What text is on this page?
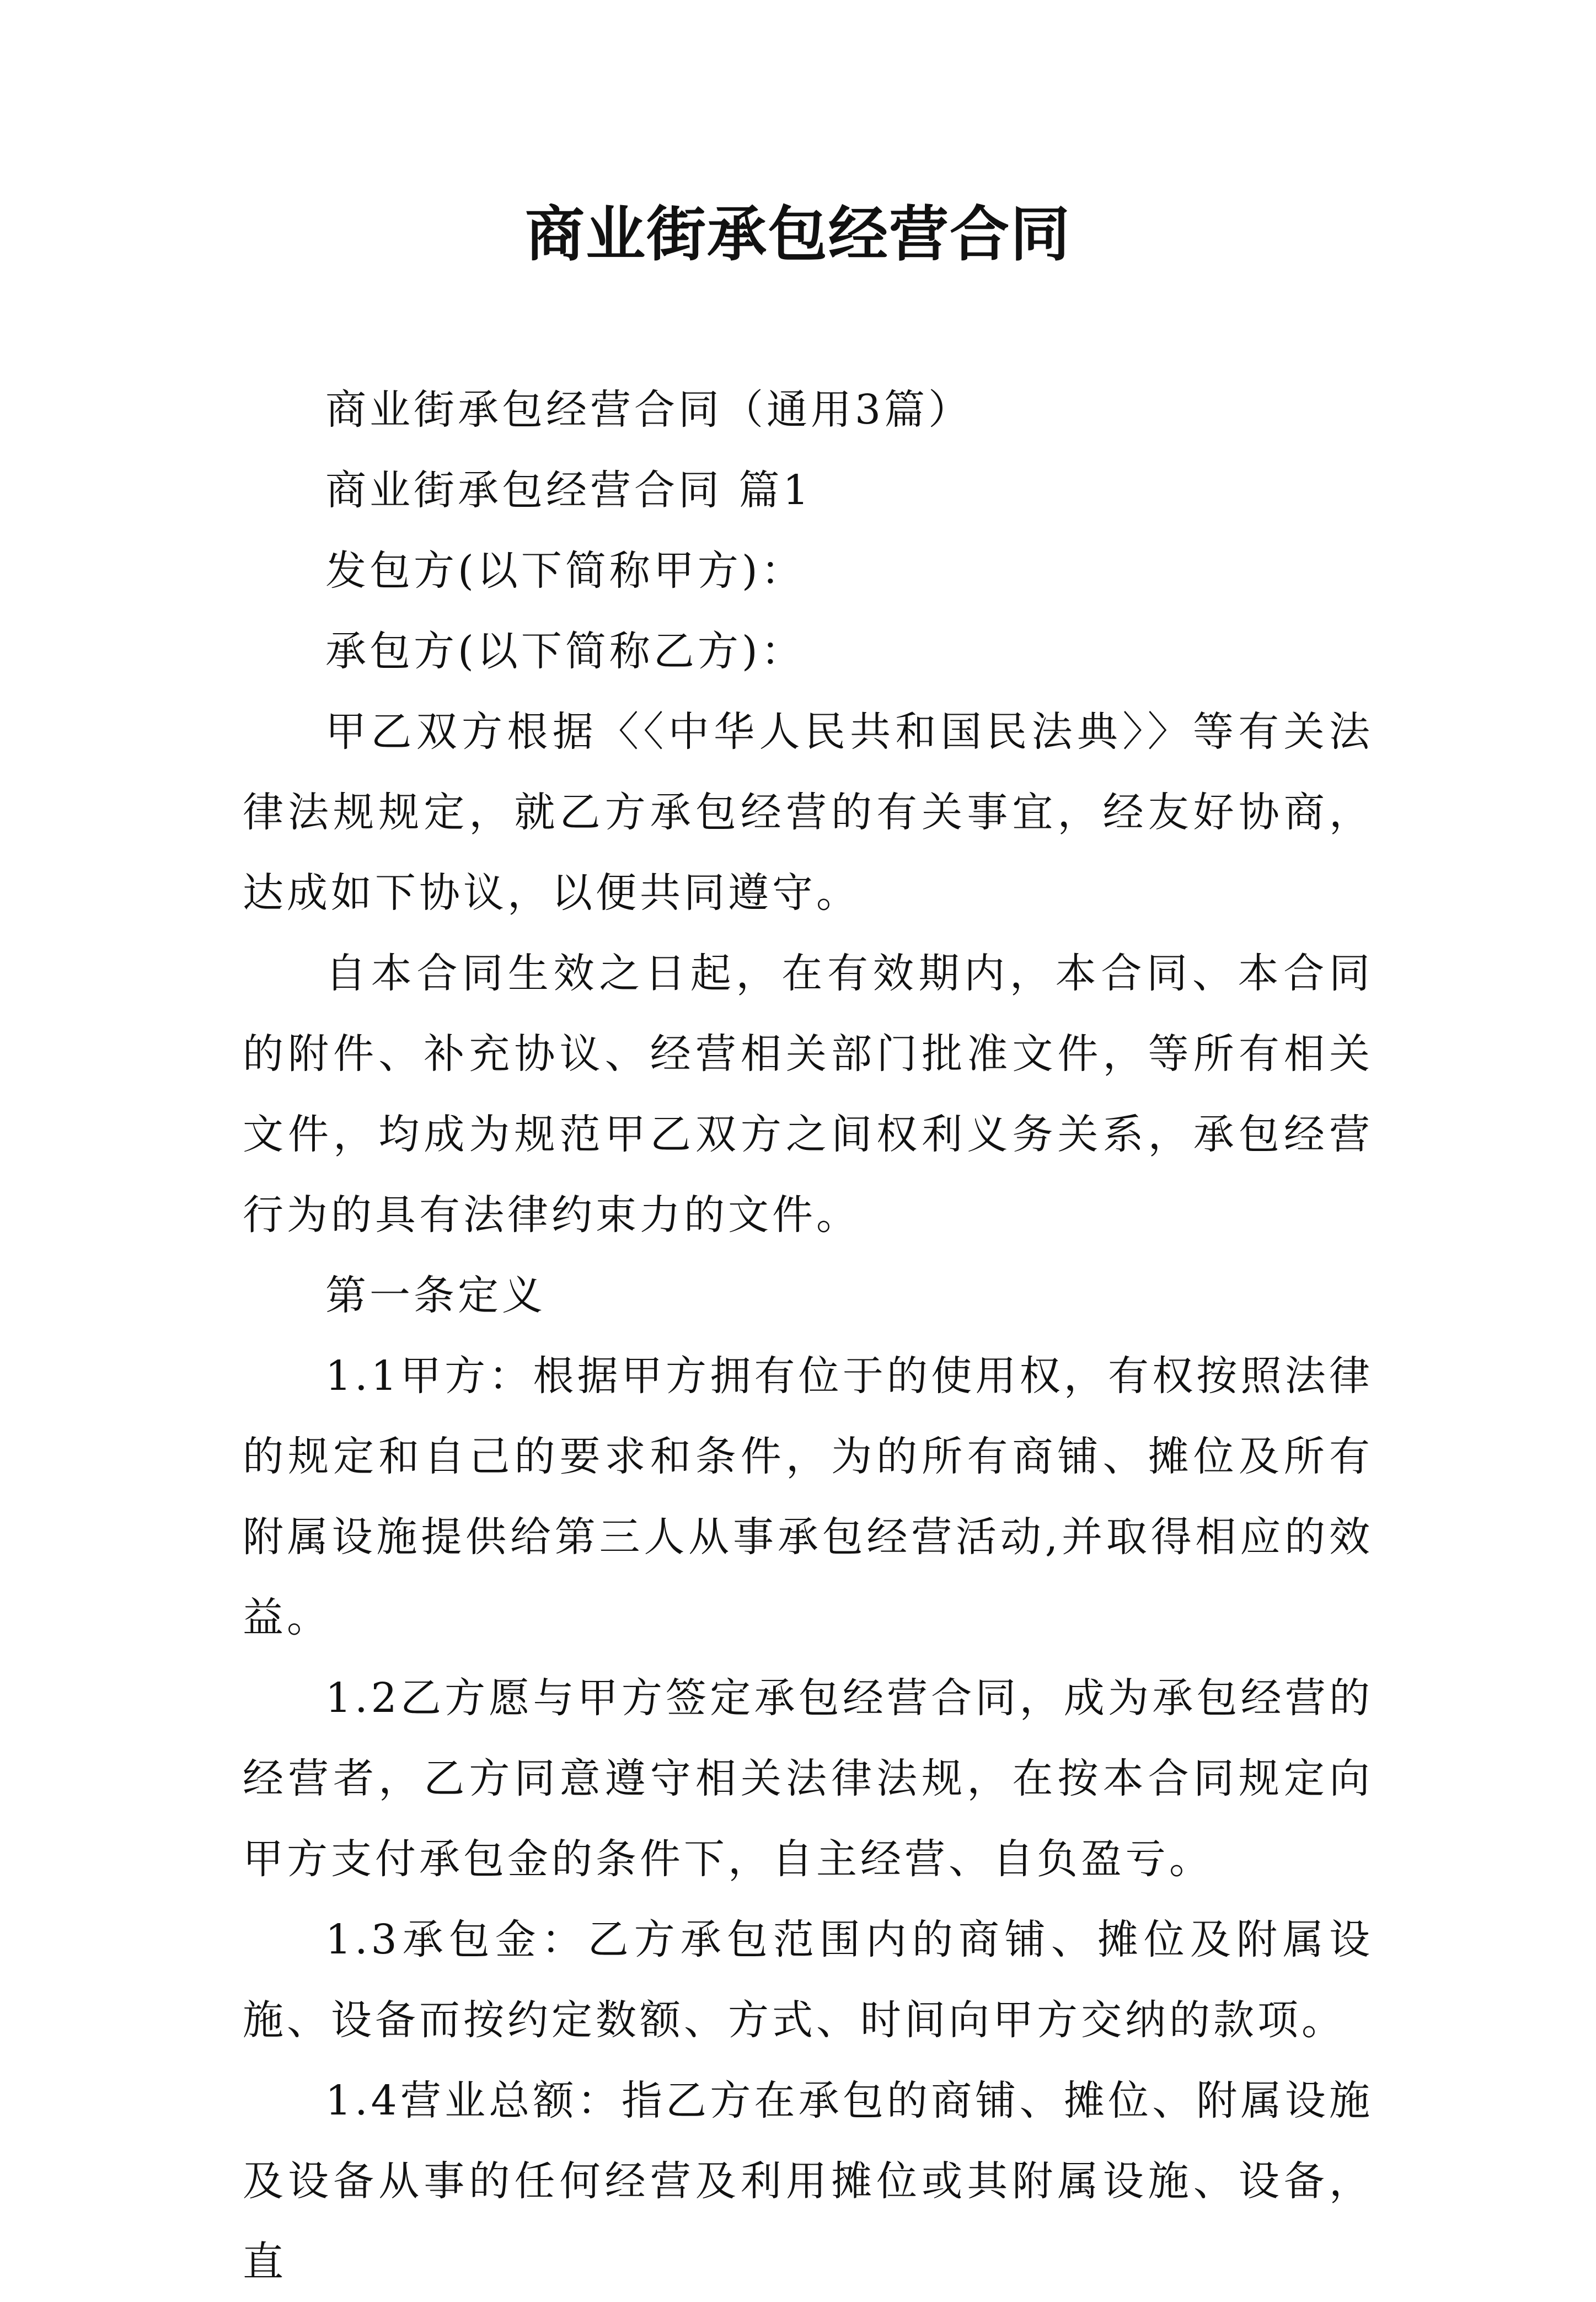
商业街承包经营合同

商业街承包经营合同（通用3篇）

商业街承包经营合同 篇1

发包方(以下简称甲方)：

承包方(以下简称乙方)：

甲乙双方根据〈〈中华人民共和国民法典〉〉等有关法律法规规定，就乙方承包经营的有关事宜，经友好协商，达成如下协议，以便共同遵守。

自本合同生效之日起，在有效期内，本合同、本合同的附件、补充协议、经营相关部门批准文件，等所有相关文件，均成为规范甲乙双方之间权利义务关系，承包经营行为的具有法律约束力的文件。

第一条定义

1.1甲方：根据甲方拥有位于的使用权，有权按照法律的规定和自己的要求和条件，为的所有商铺、摊位及所有附属设施提供给第三人从事承包经营活动,并取得相应的效益。

1.2乙方愿与甲方签定承包经营合同，成为承包经营的经营者，乙方同意遵守相关法律法规，在按本合同规定向甲方支付承包金的条件下，自主经营、自负盈亏。

1.3承包金：乙方承包范围内的商铺、摊位及附属设施、设备而按约定数额、方式、时间向甲方交纳的款项。

1.4营业总额：指乙方在承包的商铺、摊位、附属设施及设备从事的任何经营及利用摊位或其附属设施、设备，直
